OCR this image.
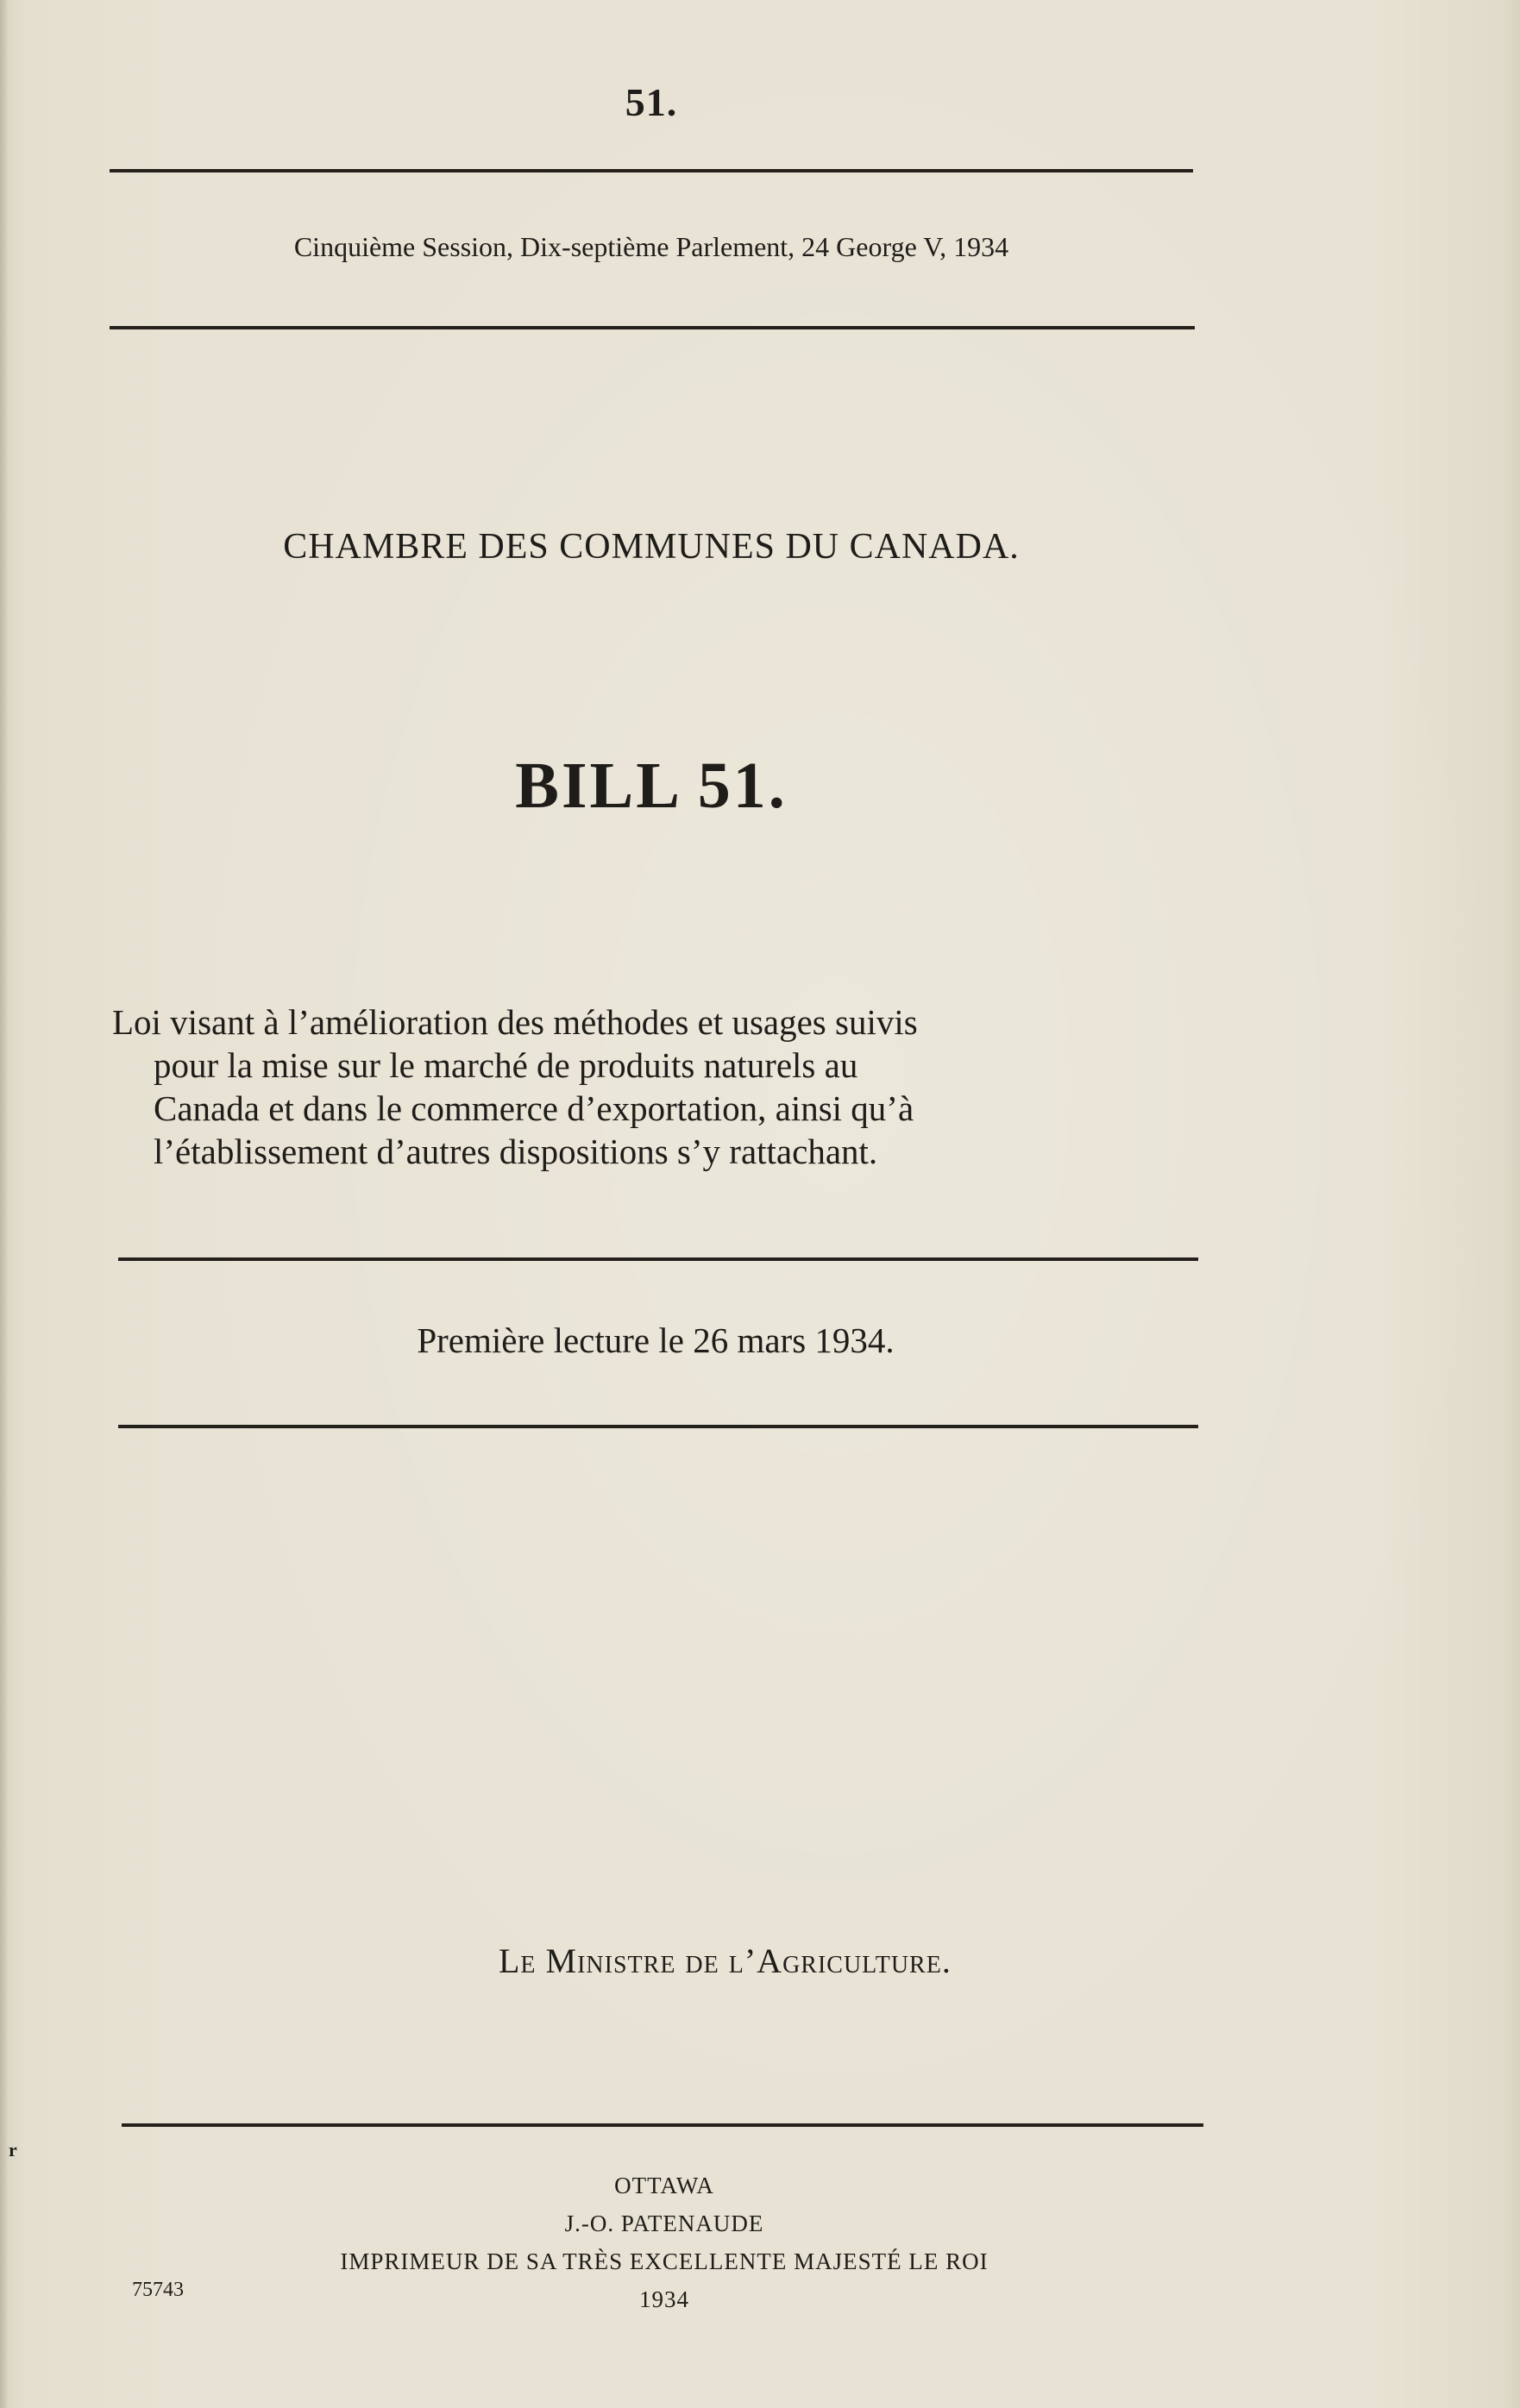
51.
Cinquième Session, Dix-septième Parlement, 24 George V, 1934
CHAMBRE DES COMMUNES DU CANADA.
BILL 51.
Loi visant à l’amélioration des méthodes et usages suivis
pour la mise sur le marché de produits naturels au
Canada et dans le commerce d’exportation, ainsi qu’à
l’établissement d’autres dispositions s’y rattachant.
Première lecture le 26 mars 1934.
Le Ministre de l’Agriculture.
OTTAWA
J.-O. PATENAUDE
IMPRIMEUR DE SA TRÈS EXCELLENTE MAJESTÉ LE ROI
1934
75743
r
